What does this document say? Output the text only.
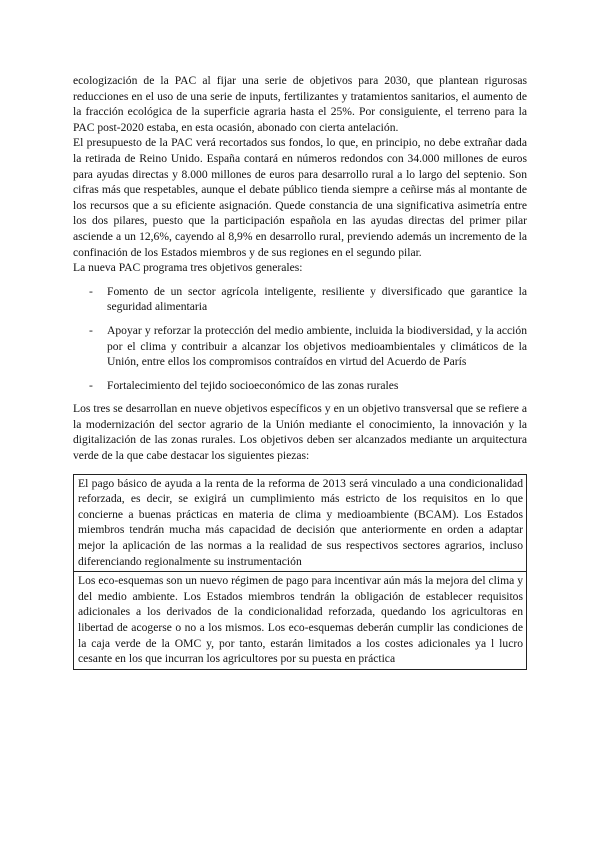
ecologización de la PAC al fijar una serie de objetivos para 2030, que plantean rigurosas reducciones en el uso de una serie de inputs, fertilizantes y tratamientos sanitarios, el aumento de la fracción ecológica de la superficie agraria hasta el 25%. Por consiguiente, el terreno para la PAC post-2020 estaba, en esta ocasión, abonado con cierta antelación.

El presupuesto de la PAC verá recortados sus fondos, lo que, en principio, no debe extrañar dada la retirada de Reino Unido. España contará en números redondos con 34.000 millones de euros para ayudas directas y 8.000 millones de euros para desarrollo rural a lo largo del septenio. Son cifras más que respetables, aunque el debate público tienda siempre a ceñirse más al montante de los recursos que a su eficiente asignación. Quede constancia de una significativa asimetría entre los dos pilares, puesto que la participación española en las ayudas directas del primer pilar asciende a un 12,6%, cayendo al 8,9% en desarrollo rural, previendo además un incremento de la confinación de los Estados miembros y de sus regiones en el segundo pilar.

La nueva PAC programa tres objetivos generales:

- Fomento de un sector agrícola inteligente, resiliente y diversificado que garantice la seguridad alimentaria
- Apoyar y reforzar la protección del medio ambiente, incluida la biodiversidad, y la acción por el clima y contribuir a alcanzar los objetivos medioambientales y climáticos de la Unión, entre ellos los compromisos contraídos en virtud del Acuerdo de París
- Fortalecimiento del tejido socioeconómico de las zonas rurales

Los tres se desarrollan en nueve objetivos específicos y en un objetivo transversal que se refiere a la modernización del sector agrario de la Unión mediante el conocimiento, la innovación y la digitalización de las zonas rurales. Los objetivos deben ser alcanzados mediante un arquitectura verde de la que cabe destacar los siguientes piezas:

El pago básico de ayuda a la renta de la reforma de 2013 será vinculado a una condicionalidad reforzada, es decir, se exigirá un cumplimiento más estricto de los requisitos en lo que concierne a buenas prácticas en materia de clima y medioambiente (BCAM). Los Estados miembros tendrán mucha más capacidad de decisión que anteriormente en orden a adaptar mejor la aplicación de las normas a la realidad de sus respectivos sectores agrarios, incluso diferenciando regionalmente su instrumentación
Los eco-esquemas son un nuevo régimen de pago para incentivar aún más la mejora del clima y del medio ambiente. Los Estados miembros tendrán la obligación de establecer requisitos adicionales a los derivados de la condicionalidad reforzada, quedando los agricultoras en libertad de acogerse o no a los mismos. Los eco-esquemas deberán cumplir las condiciones de la caja verde de la OMC y, por tanto, estarán limitados a los costes adicionales ya l lucro cesante en los que incurran los agricultores por su puesta en práctica
